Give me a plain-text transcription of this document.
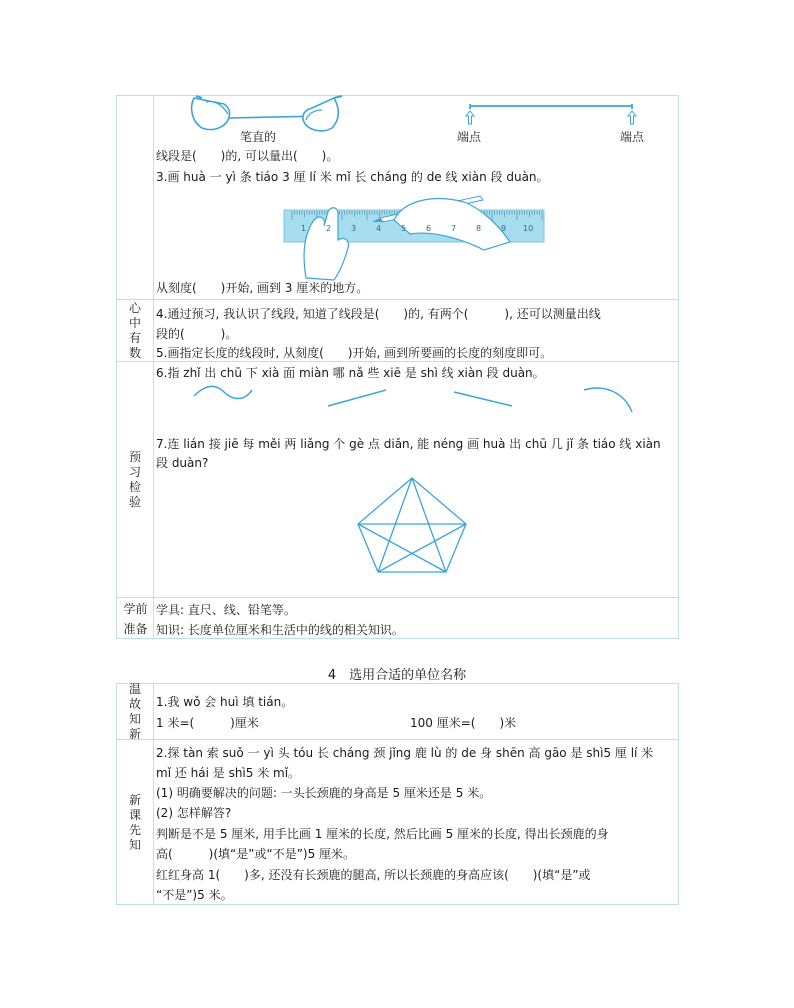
笔直的	端点	端点
线段是(　　)的, 可以量出(　　)。
3.画 huà 一 yì 条 tiáo 3 厘 lí 米 mǐ 长 cháng 的 de 线 xiàn 段 duàn。
1 2 3 4 5 6 7 8 9 10
从刻度(　　)开始, 画到 3 厘米的地方。
心中有数
4.通过预习, 我认识了线段, 知道了线段是(　　)的, 有两个(　　　), 还可以测量出线
段的(　　　)。
5.画指定长度的线段时, 从刻度(　　)开始, 画到所要画的长度的刻度即可。
预习检验
6.指 zhǐ 出 chū 下 xià 面 miàn 哪 nǎ 些 xiē 是 shì 线 xiàn 段 duàn。
7.连 lián 接 jiē 每 měi 两 liǎng 个 gè 点 diǎn, 能 néng 画 huà 出 chū 几 jǐ 条 tiáo 线 xiàn
段 duàn?
学前
准备
学具: 直尺、线、铅笔等。
知识: 长度单位厘米和生活中的线的相关知识。
4　选用合适的单位名称
温故知新
1.我 wǒ 会 huì 填 tián。
1 米=(　　　)厘米	100 厘米=(　　)米
新课先知
2.探 tàn 索 suǒ 一 yì 头 tóu 长 cháng 颈 jǐng 鹿 lù 的 de 身 shēn 高 gāo 是 shì5 厘 lí 米
mǐ 还 hái 是 shì5 米 mǐ。
(1) 明确要解决的问题: 一头长颈鹿的身高是 5 厘米还是 5 米。
(2) 怎样解答?
判断是不是 5 厘米, 用手比画 1 厘米的长度, 然后比画 5 厘米的长度, 得出长颈鹿的身
高(　　　)(填“是”或“不是”)5 厘米。
红红身高 1(　　)多, 还没有长颈鹿的腿高, 所以长颈鹿的身高应该(　　)(填“是”或
“不是”)5 米。
